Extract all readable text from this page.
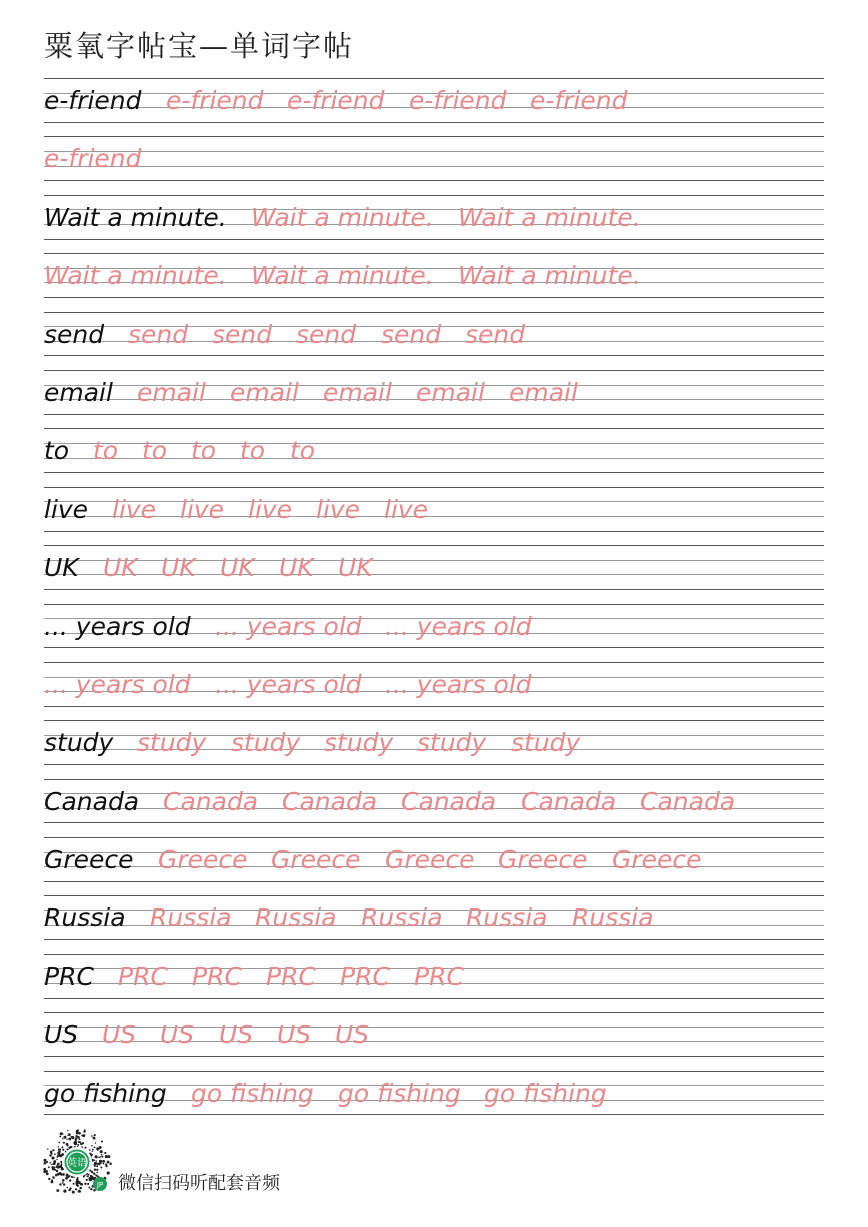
粟氧字帖宝—单词字帖
e-friend e-friend e-friend e-friend e-friend
e-friend
Wait a minute. Wait a minute. Wait a minute.
Wait a minute. Wait a minute. Wait a minute.
send send send send send send
email email email email email email
to to to to to to
live live live live live live
UK UK UK UK UK UK
... years old ... years old ... years old
... years old ... years old ... years old
study study study study study study
Canada Canada Canada Canada Canada Canada
Greece Greece Greece Greece Greece Greece
Russia Russia Russia Russia Russia Russia
PRC PRC PRC PRC PRC PRC
US US US US US US
go fishing go fishing go fishing go fishing
英语
JP 微信扫码听配套音频
